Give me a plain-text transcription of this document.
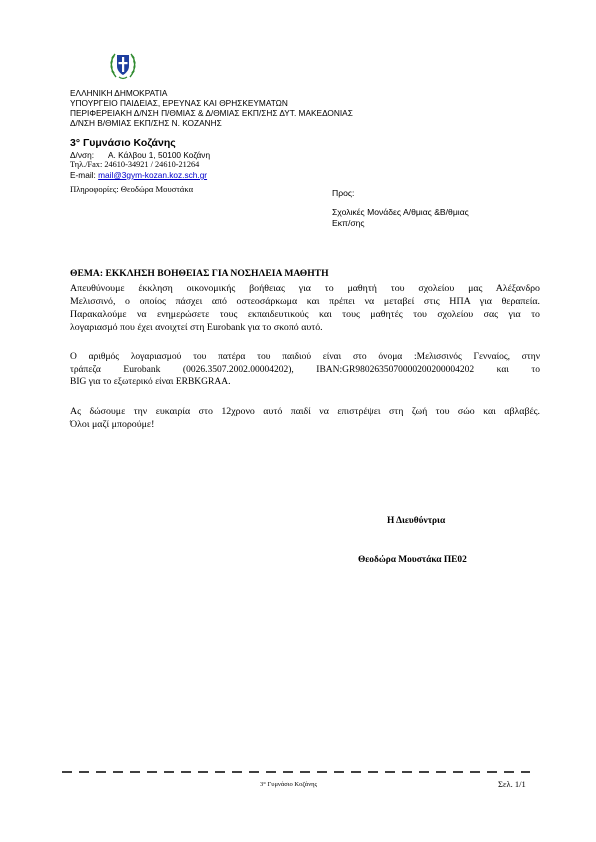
ΕΛΛΗΝΙΚΗ ΔΗΜΟΚΡΑΤΙΑ
ΥΠΟΥΡΓΕΙΟ ΠΑΙΔΕΙΑΣ, ΕΡΕΥΝΑΣ ΚΑΙ ΘΡΗΣΚΕΥΜΑΤΩΝ
ΠΕΡΙΦΕΡΕΙΑΚΗ Δ/ΝΣΗ Π/ΘΜΙΑΣ & Δ/ΘΜΙΑΣ ΕΚΠ/ΣΗΣ ΔΥΤ. ΜΑΚΕΔΟΝΙΑΣ
Δ/ΝΣΗ Β/ΘΜΙΑΣ ΕΚΠ/ΣΗΣ Ν. ΚΟΖΑΝΗΣ
3° Γυμνάσιο Κοζάνης
Δ/νση: Α. Κάλβου 1, 50100 Κοζάνη
Τηλ./Fax: 24610-34921 / 24610-21264
E-mail: mail@3gym-kozan.koz.sch.gr
Πληροφορίες: Θεοδώρα Μουστάκα	Προς:
Σχολικές Μονάδες Α/θμιας &Β/θμιας
Εκπ/σης
ΘΕΜΑ: ΕΚΚΛΗΣΗ ΒΟΗΘΕΙΑΣ ΓΙΑ ΝΟΣΗΛΕΙΑ ΜΑΘΗΤΗ
Απευθύνουμε έκκληση οικονομικής βοήθειας για το μαθητή του σχολείου μας Αλέξανδρο
Μελισσινό, ο οποίος πάσχει από οστεοσάρκωμα και πρέπει να μεταβεί στις ΗΠΑ για θεραπεία.
Παρακαλούμε να ενημερώσετε τους εκπαιδευτικούς και τους μαθητές του σχολείου σας για το
λογαριασμό που έχει ανοιχτεί στη Eurobank για το σκοπό αυτό.
Ο αριθμός λογαριασμού του πατέρα του παιδιού είναι στο όνομα :Μελισσινός Γενναίος, στην
τράπεζα Eurobank (0026.3507.2002.00004202), IBAN:GR9802635070000200200004202 και το
BIG για το εξωτερικό είναι ERBKGRAA.
Ας δώσουμε την ευκαιρία στο 12χρονο αυτό παιδί να επιστρέψει στη ζωή του σώο και αβλαβές.
Όλοι μαζί μπορούμε!
Η Διευθύντρια
Θεοδώρα Μουστάκα ΠΕ02
3° Γυμνάσιο Κοζάνης	Σελ. 1/1
